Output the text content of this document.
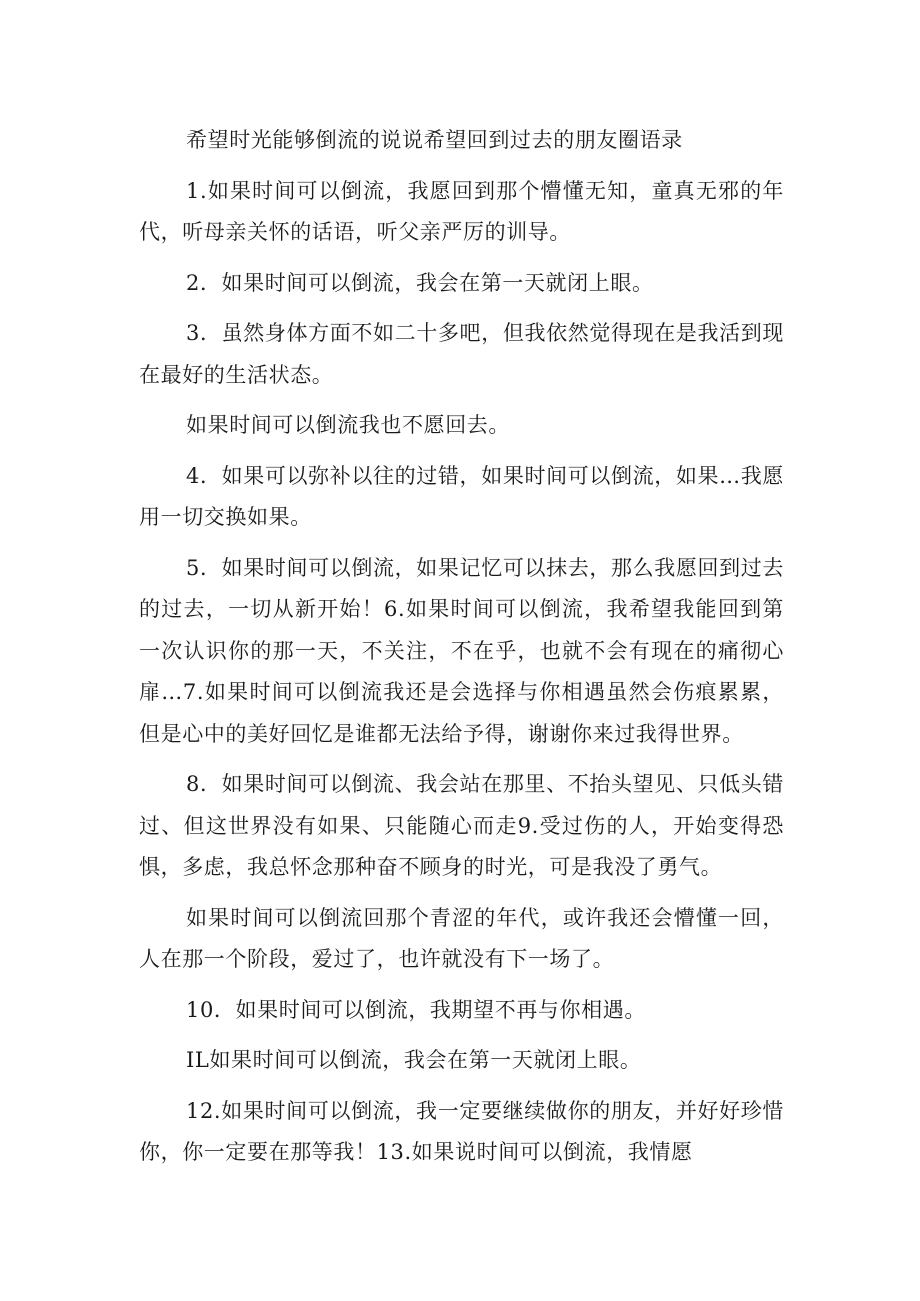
希望时光能够倒流的说说希望回到过去的朋友圈语录

1.如果时间可以倒流，我愿回到那个懵懂无知，童真无邪的年代，听母亲关怀的话语，听父亲严厉的训导。

2．如果时间可以倒流，我会在第一天就闭上眼。

3．虽然身体方面不如二十多吧，但我依然觉得现在是我活到现在最好的生活状态。

如果时间可以倒流我也不愿回去。

4．如果可以弥补以往的过错，如果时间可以倒流，如果…我愿用一切交换如果。

5．如果时间可以倒流，如果记忆可以抹去，那么我愿回到过去的过去，一切从新开始！6.如果时间可以倒流，我希望我能回到第一次认识你的那一天，不关注，不在乎，也就不会有现在的痛彻心扉…7.如果时间可以倒流我还是会选择与你相遇虽然会伤痕累累，但是心中的美好回忆是谁都无法给予得，谢谢你来过我得世界。

8．如果时间可以倒流、我会站在那里、不抬头望见、只低头错过、但这世界没有如果、只能随心而走9.受过伤的人，开始变得恐惧，多虑，我总怀念那种奋不顾身的时光，可是我没了勇气。

如果时间可以倒流回那个青涩的年代，或许我还会懵懂一回，人在那一个阶段，爱过了，也许就没有下一场了。

10．如果时间可以倒流，我期望不再与你相遇。

IL如果时间可以倒流，我会在第一天就闭上眼。

12.如果时间可以倒流，我一定要继续做你的朋友，并好好珍惜你，你一定要在那等我！13.如果说时间可以倒流，我情愿
